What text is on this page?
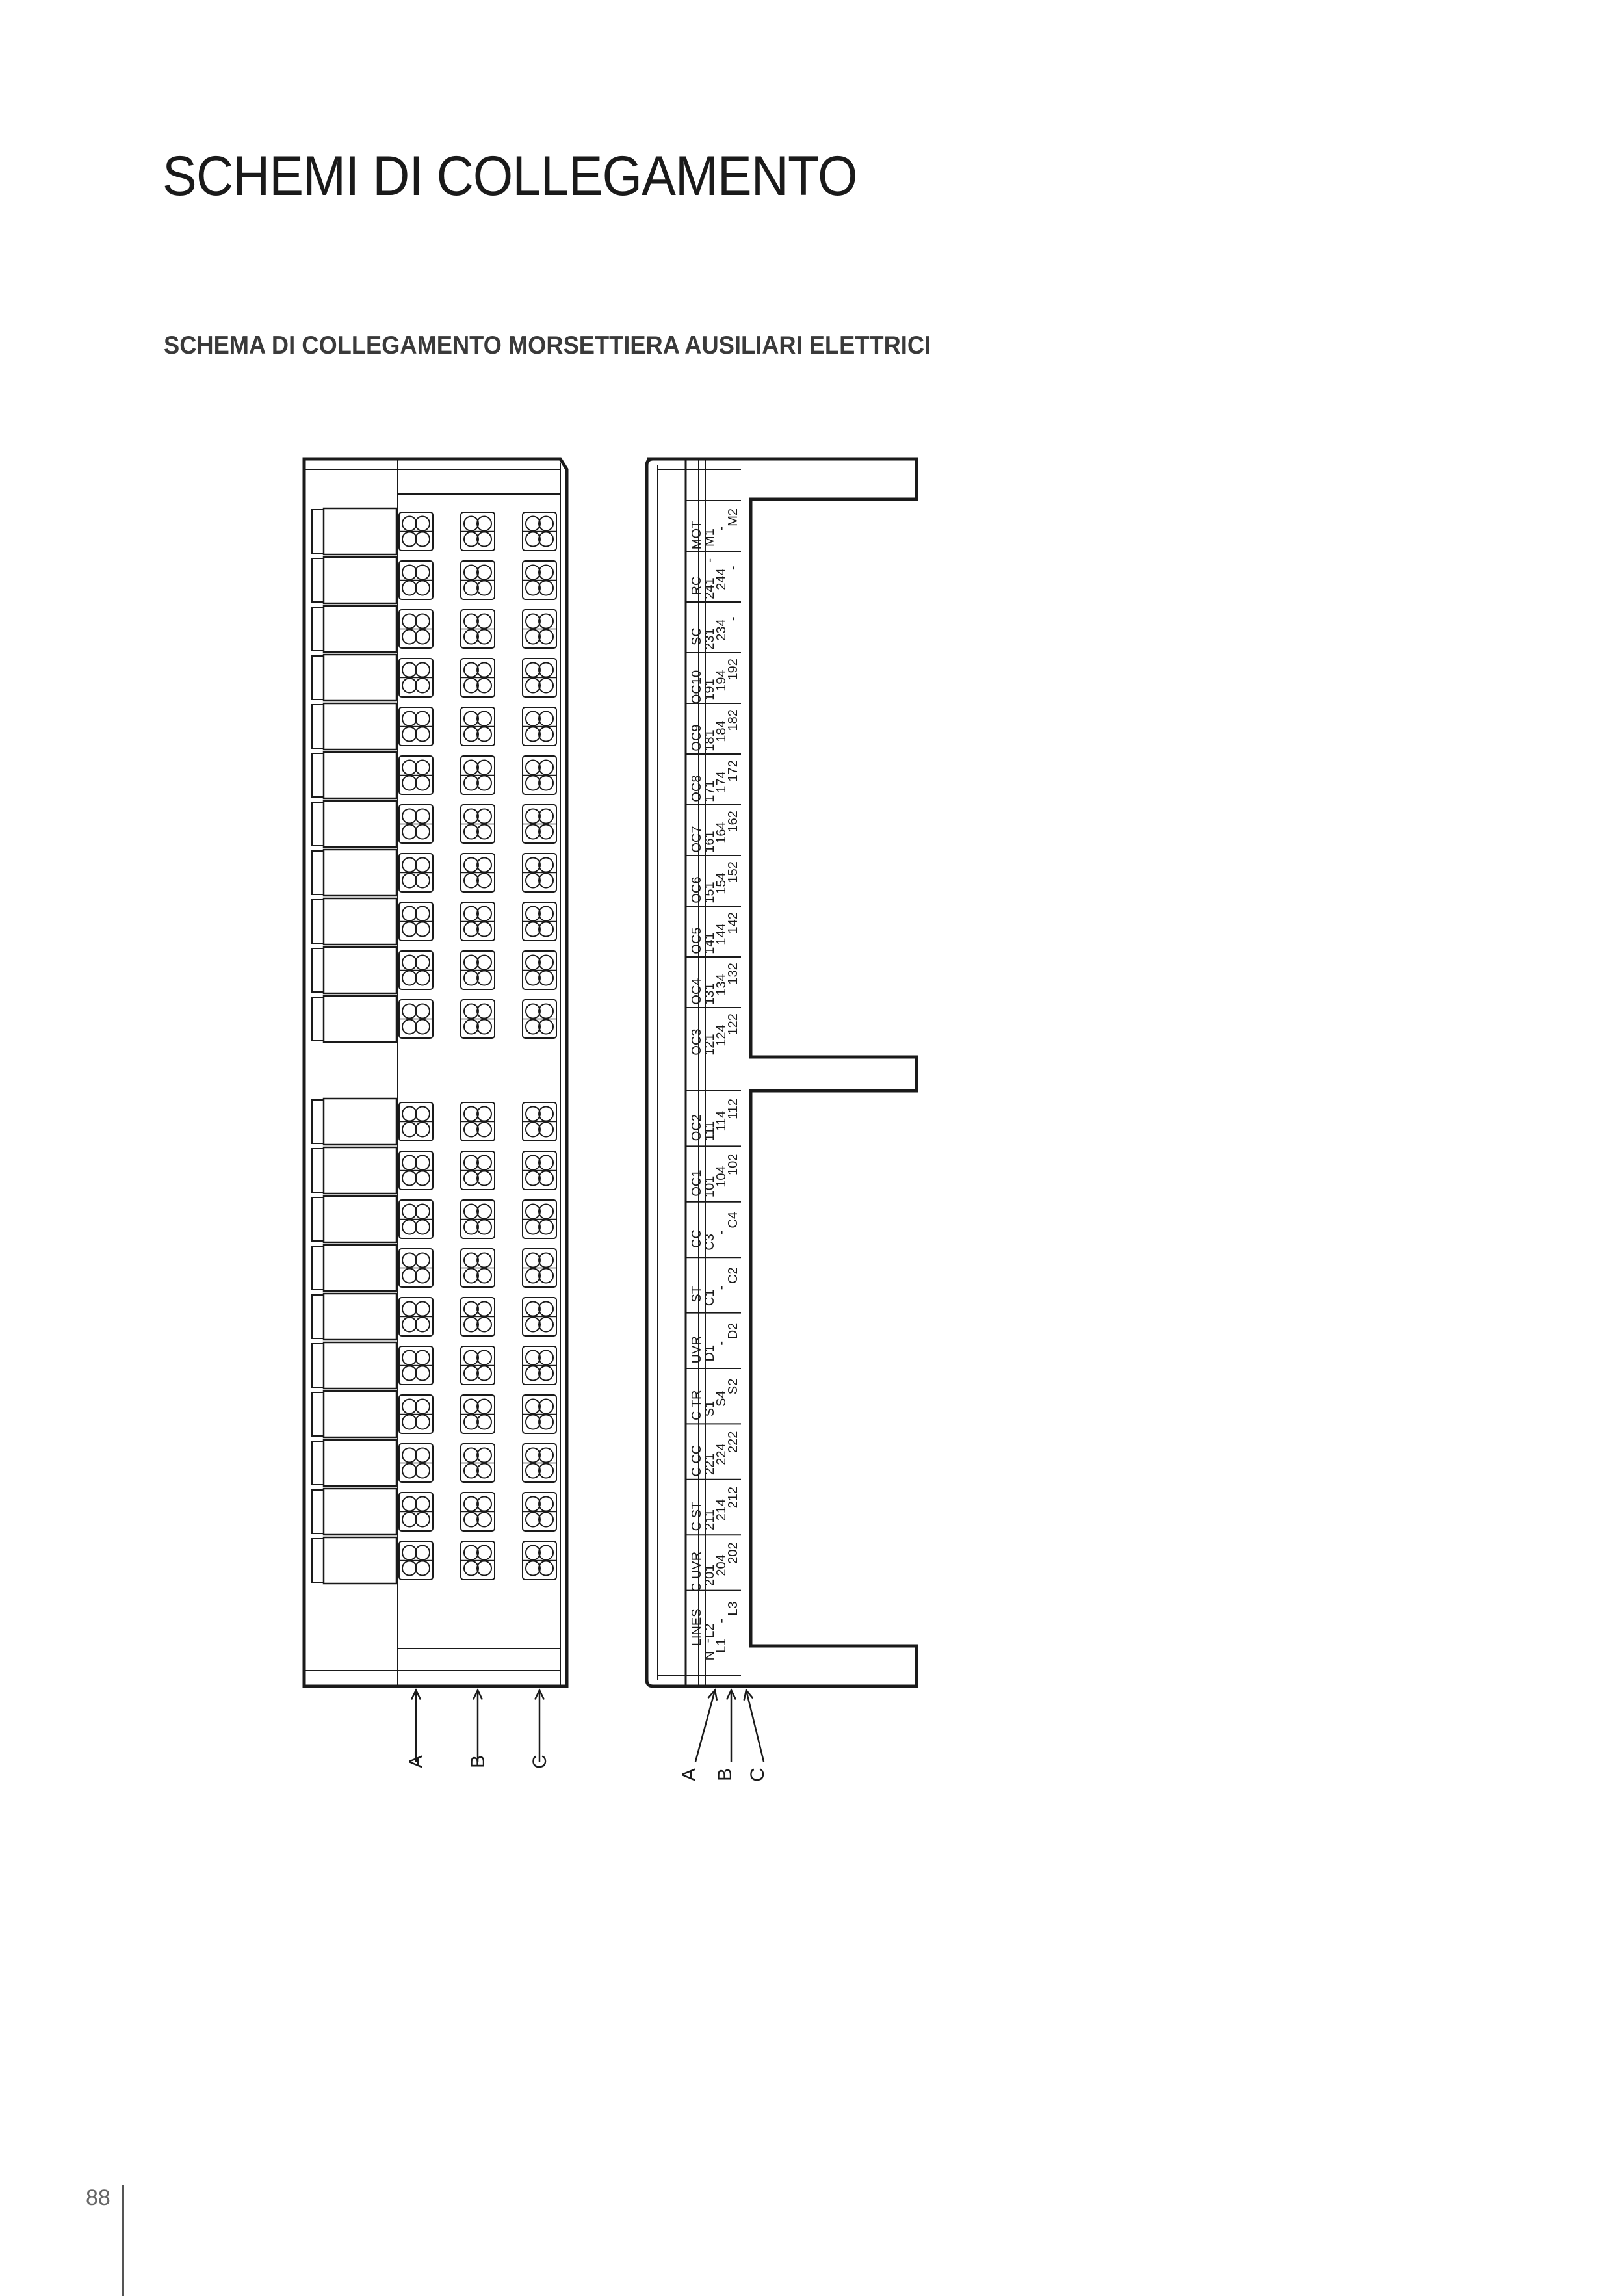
SCHEMI DI COLLEGAMENTO
SCHEMA DI COLLEGAMENTO MORSETTIERA AUSILIARI ELETTRICI
A B C
MOT
M1
-
M2
-
RC
241
244
-
SC
231
234
-
OC10
191
194
192
OC9
181
184
182
OC8
171
174
172
OC7
161
164
162
OC6
151
154
152
OC5
141
144
142
OC4
131
134
132
OC3
121
124
122
OC2
111
114
112
OC1
101
104
102
CC
C3
-
C4
ST
C1
-
C2
UVR
D1
-
D2
C TR
S1
S4
S2
C CC
221
224
222
C ST
211
214
212
C UVR
201
204
202
LINES
L2
-
L3
N
L1
-
A B C
88
